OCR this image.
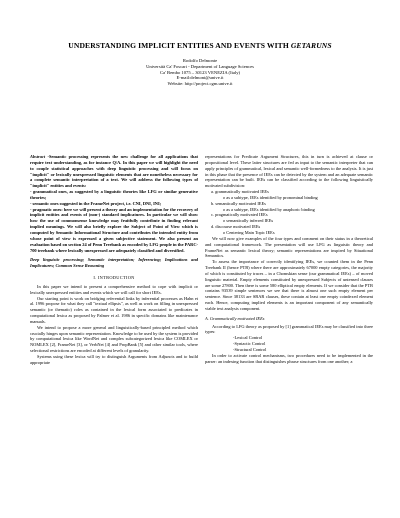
UNDERSTANDING IMPLICIT ENTITIES AND EVENTS WITH GETARUNS
Rodolfo Delmonte
Università Ca' Foscari - Department of Language Sciences
Ca' Bembo 1075 – 30123 VENEZIA (Italy)
E-mail:delmont@unive.it
Website: http://project.cgm.unive.it

Abstract -Semantic processing represents the new challenge for all applications that require text understanding, as for instance Q/A. In this paper we will highlight the need to couple statistical approaches with deep linguistic processing and will focus on "implicit" or lexically unexpressed linguistic elements that are nonetheless necessary for a complete semantic interpretation of a text. We will address the following types of "implicit" entities and events:

- grammatical ones, as suggested by a linguistic theories like LFG or similar generative theories;

- semantic ones suggested in the FrameNet project, i.e. CNI, DNI, INI;

- pragmatic ones: here we will present a theory and an implementation for the recovery of implicit entities and events of (non-) standard implicatures. In particular we will show how the use of commonsense knowledge may fruitfully contribute in finding relevant implied meanings. We will also briefly explore the Subject of Point of View which is computed by Semantic Informational Structure and contributes the intended entity from whose point of view is expressed a given subjective statement. We also present an evaluation based on section 24 of Penn Treebank as encoded by LFG people in the PARC-700 treebank where lexically unexpressed are adequately classified and diversified.

Deep linguistic processing; Semantic interpretation; Inferencing; Implications and Implicatures; Common Sense Reasoning
I. INTRODUCTION

In this paper we intend to present a comprehensive method to cope with implicit or lexically unexpressed entities and events which we will call for short IEEs.

Our starting point is work on bridging referential links by inferential processes as Hahn et al. 1996 propose for what they call "textual ellipsis", as well as work on filling in unexpressed semantic (or thematic) roles as contained in the lexical form associated to predicates in computational lexica as proposed by Palmer et al. 1986 in specific domains like maintenance manuals.

We intend to propose a more general and linguistically-based principled method which crucially hinges upon semantic representation. Knowledge to be used by the system is provided by computational lexica like WordNet and complex subcategorized lexica like COMLEX or NOMLEX [2], FrameNet [3], or VerbNet [4] and PropBank [5] and other similar tools, where selectional restrictions are encoded at different levels of granularity.

Systems using these lexica will try to distinguish Arguments from Adjuncts and to build appropriate

representations for Predicate Argument Structures, this in turn is achieved at clause or propositional level. These latter structures are fed as input to the semantic interpreter that can apply principles of grammatical, lexical and semantic well-formedness to the analysis. It is just in this phase that the presence of IEEs can be detected by the system and an adequate semantic representation can be built. IEEs can be classified according to the following linguistically motivated subdivision:

a. grammatically motivated IEEs
o as a subtype, IEEs identified by pronominal binding
b. semantically motivated IEEs
o as a subtype, IEEs identified by anaphoric binding
c. pragmatically motivated IEEs
o semantically inferred IEEs
d. discourse motivated IEEs
o Centering Main Topic IEEs

We will now give examples of the four types and comment on their status in a theoretical and computational framework. The presentation will use LFG as linguistic theory and FrameNet as semantic lexical theory; semantic representations are inspired by Situational Semantics.

To assess the importance of correctly identifying IEEs, we counted them in the Penn Treebank II (hence PTB) where there are approximately 67000 empty categories, the majority of which is constituted by traces – in a Chomskian sense (our grammatical IEEs) – of moved linguistic material. Empty elements constituted by unexpressed Subjects of untensed clauses are some 27800. Then there is some 580 elliptical empty elements. If we consider that the PTB contains 93539 simple sentences we see that there is almost one such empty element per sentence. Since 38133 are SBAR clauses, these contain at least one empty coindexed element each. Hence, computing implied elements is an important component of any semantically viable text analysis component.

A. Grammatically motivated IEEs

According to LFG theory as proposed by [1] grammatical IEEs may be classified into three types:

-Lexical Control
-Syntactic Control
-Structural Control

In order to activate control mechanisms, two procedures need to be implemented in the parser: an indexing function that distinguishes phrase structures from one another; a
